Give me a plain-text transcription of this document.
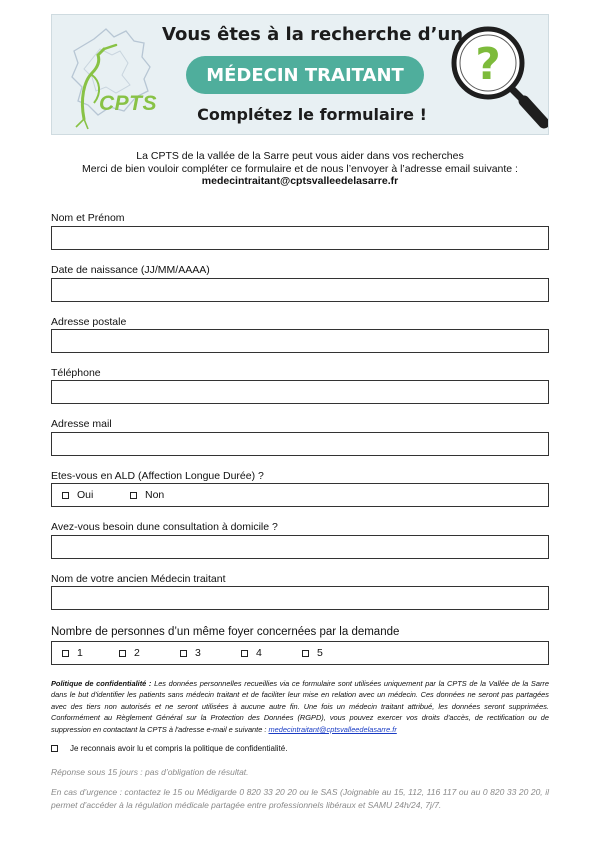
CPTS
Vous êtes à la recherche d’un
MÉDECIN TRAITANT
Complétez le formulaire !
?
La CPTS de la vallée de la Sarre peut vous aider dans vos recherches
Merci de bien vouloir compléter ce formulaire et de nous l’envoyer à l’adresse email suivante :
medecintraitant@cptsvalleedelasarre.fr
Nom et Prénom
Date de naissance (JJ/MM/AAAA)
Adresse postale
Téléphone
Adresse mail
Etes-vous en ALD (Affection Longue Durée) ?
Oui	Non
Avez-vous besoin dune consultation à domicile ?
Nom de votre ancien Médecin traitant
Nombre de personnes d’un même foyer concernées par la demande
1	2	3	4	5
Politique de confidentialité : Les données personnelles recueillies via ce formulaire sont utilisées uniquement par la CPTS de la Vallée de la Sarre dans le but d'identifier les patients sans médecin traitant et de faciliter leur mise en relation avec un médecin. Ces données ne seront pas partagées avec des tiers non autorisés et ne seront utilisées à aucune autre fin. Une fois un médecin traitant attribué, les données seront supprimées. Conformément au Règlement Général sur la Protection des Données (RGPD), vous pouvez exercer vos droits d'accès, de rectification ou de suppression en contactant la CPTS à l'adresse e-mail e suivante : medecintraitant@cptsvalleedelasarre.fr
Je reconnais avoir lu et compris la politique de confidentialité.
Réponse sous 15 jours : pas d’obligation de résultat.
En cas d’urgence : contactez le 15 ou Médigarde 0 820 33 20 20 ou le SAS (Joignable au 15, 112, 116 117 ou au 0 820 33 20 20, il permet d’accéder à la régulation médicale partagée entre professionnels libéraux et SAMU 24h/24, 7j/7.
